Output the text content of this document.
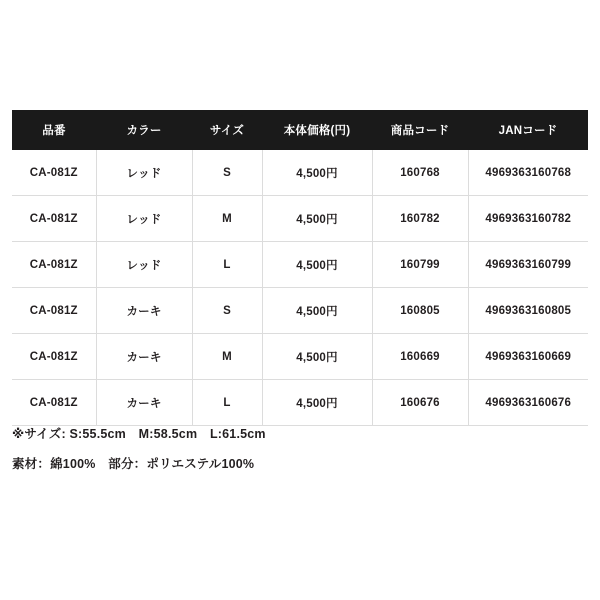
品番	カラー	サイズ	本体価格(円)	商品コード	JANコード
CA-081Z	レッド	S	4,500円	160768	4969363160768
CA-081Z	レッド	M	4,500円	160782	4969363160782
CA-081Z	レッド	L	4,500円	160799	4969363160799
CA-081Z	カーキ	S	4,500円	160805	4969363160805
CA-081Z	カーキ	M	4,500円	160669	4969363160669
CA-081Z	カーキ	L	4,500円	160676	4969363160676
※サイズ: S:55.5cm　M:58.5cm　L:61.5cm
素材：綿100%　部分：ポリエステル100%
